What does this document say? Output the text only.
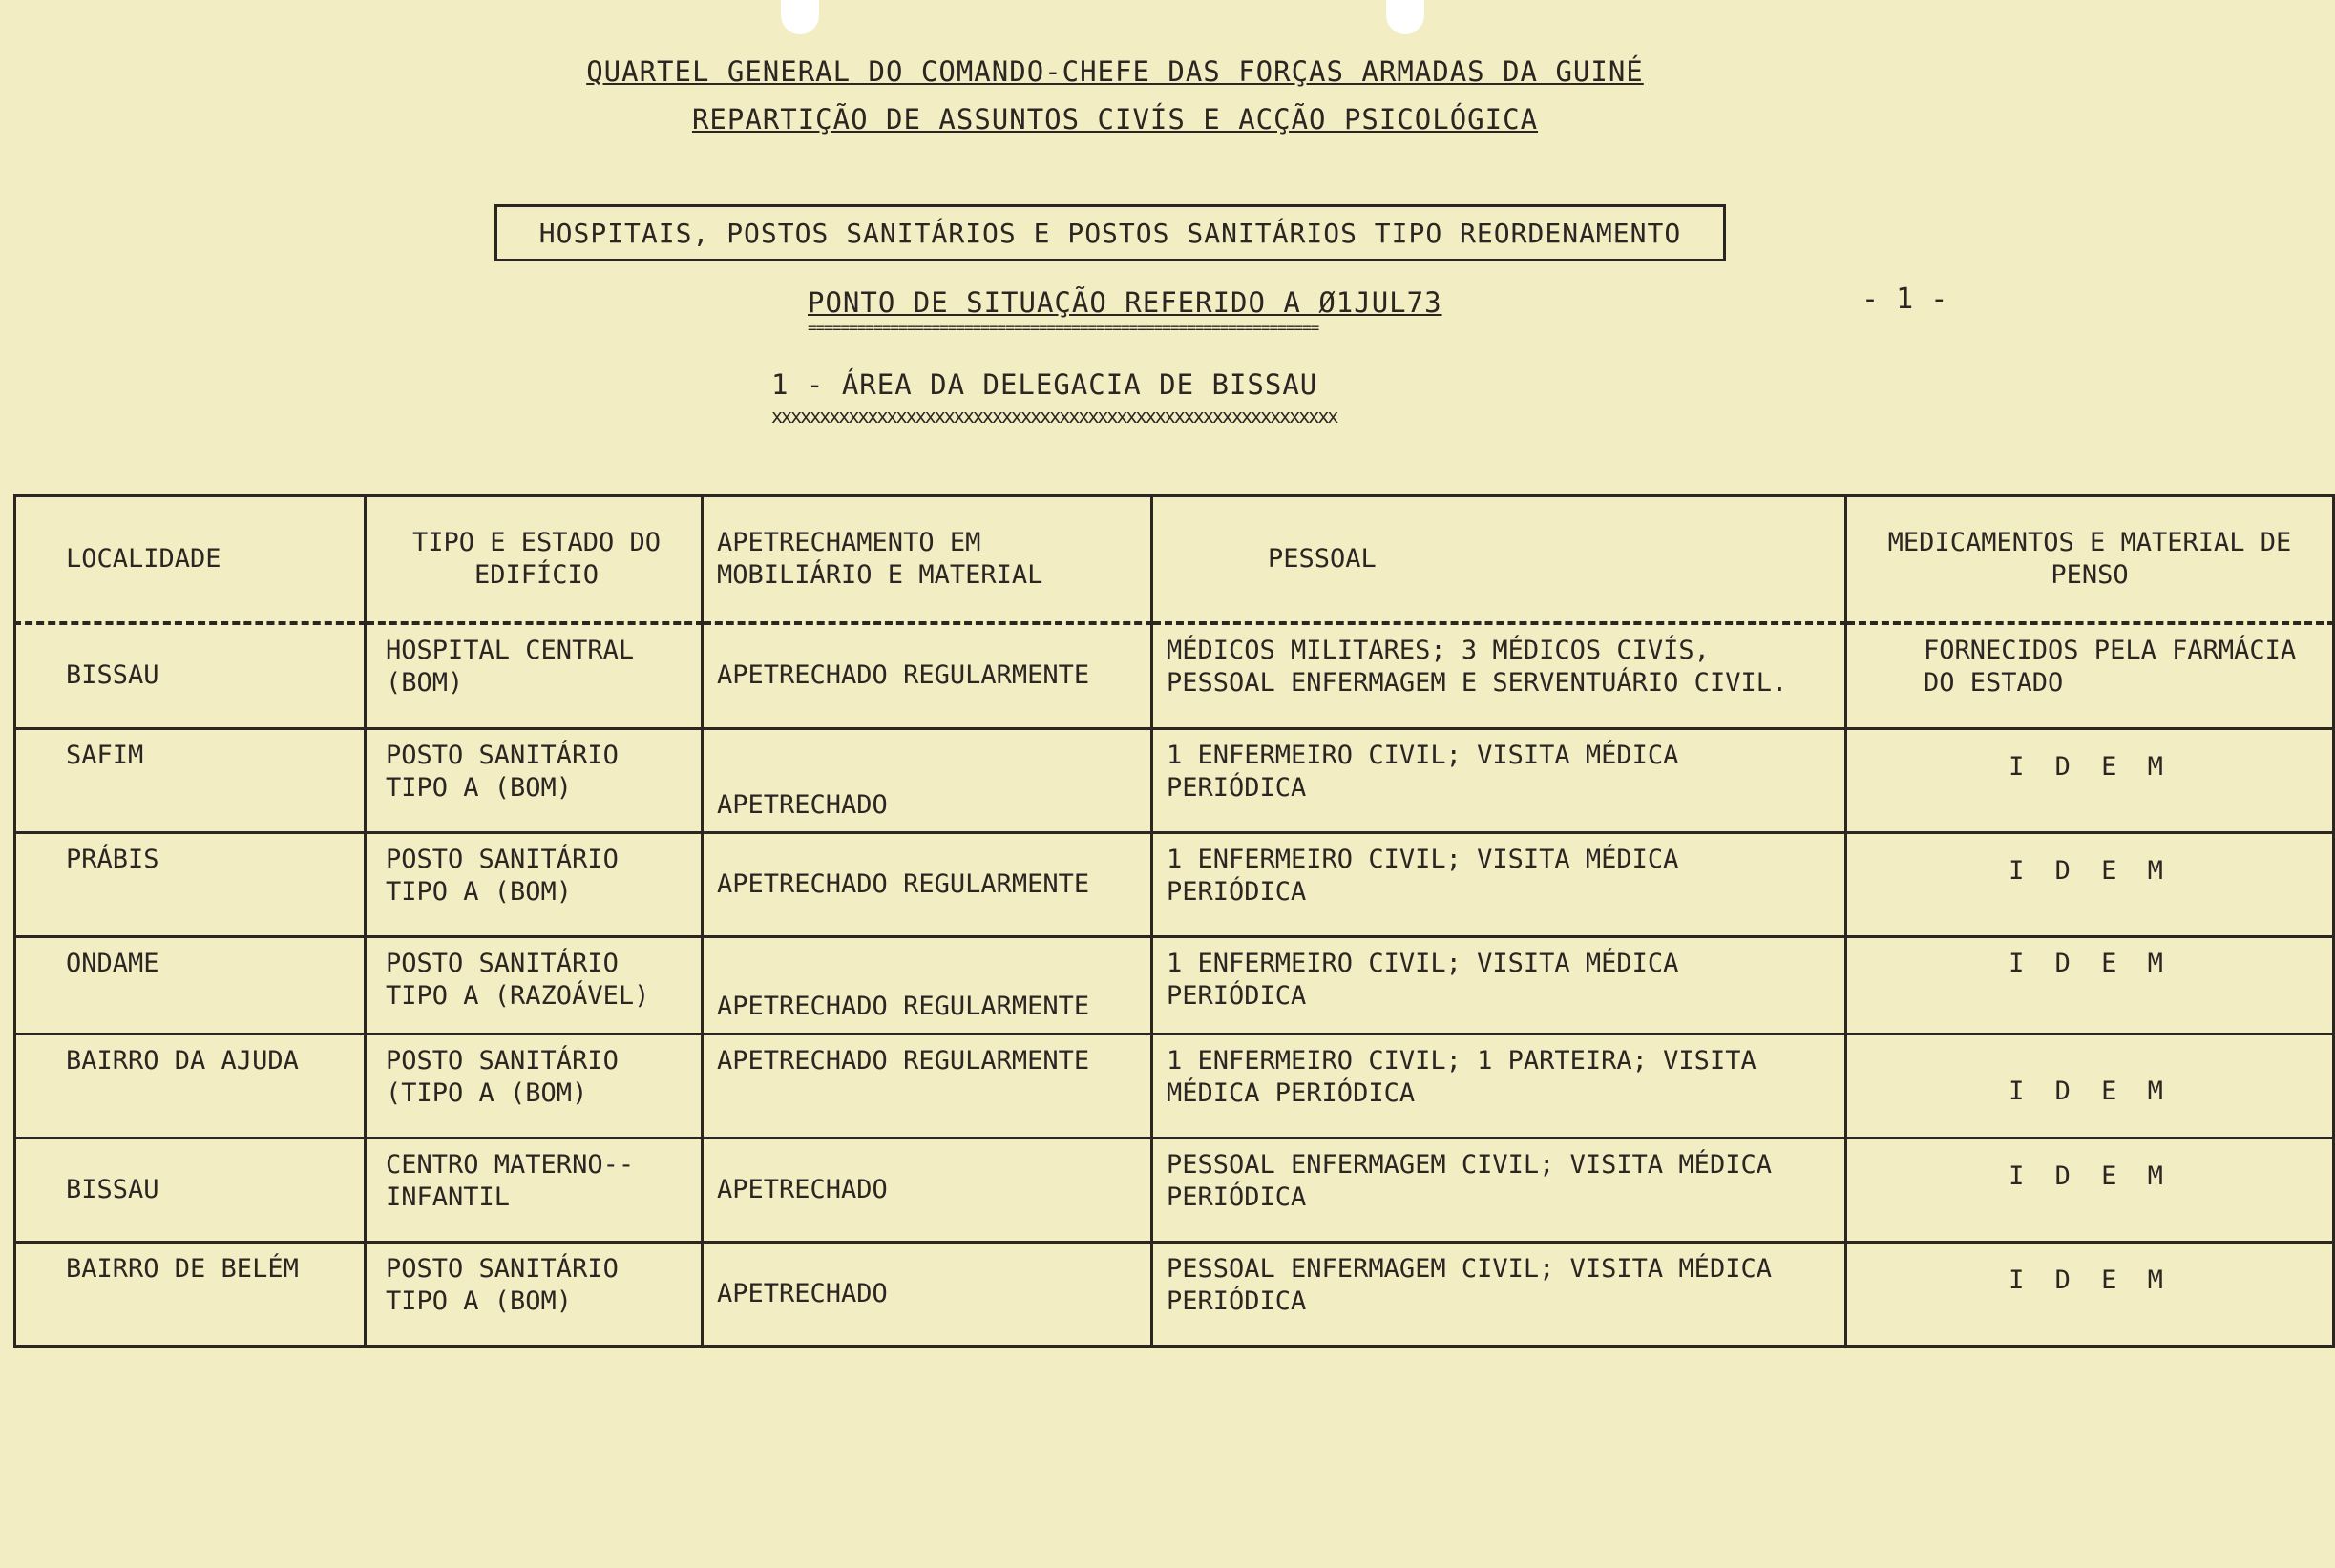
QUARTEL GENERAL DO COMANDO-CHEFE DAS FORÇAS ARMADAS DA GUINÉ
REPARTIÇÃO DE ASSUNTOS CIVÍS E ACÇÃO PSICOLÓGICA
HOSPITAIS, POSTOS SANITÁRIOS E POSTOS SANITÁRIOS TIPO REORDENAMENTO
PONTO DE SITUAÇÃO REFERIDO A Ø1JUL73
==============================================================
- 1 -
1 - ÁREA DA DELEGACIA DE BISSAU
xxxxxxxxxxxxxxxxxxxxxxxxxxxxxxxxxxxxxxxxxxxxxxxxxxxxxxxxxxx
LOCALIDADE	TIPO E ESTADO DO EDIFÍCIO	APETRECHAMENTO EM MOBILIÁRIO E MATERIAL	PESSOAL	MEDICAMENTOS E MATERIAL DE PENSO
BISSAU	HOSPITAL CENTRAL (BOM)	APETRECHADO REGULARMENTE	MÉDICOS MILITARES; 3 MÉDICOS CIVÍS, PESSOAL ENFERMAGEM E SERVENTUÁRIO CIVIL.	FORNECIDOS PELA FARMÁCIA DO ESTADO
SAFIM	POSTO SANITÁRIO TIPO A (BOM)	APETRECHADO	1 ENFERMEIRO CIVIL; VISITA MÉDICA PERIÓDICA	I D E M
PRÁBIS	POSTO SANITÁRIO TIPO A (BOM)	APETRECHADO REGULARMENTE	1 ENFERMEIRO CIVIL; VISITA MÉDICA PERIÓDICA	I D E M
ONDAME	POSTO SANITÁRIO TIPO A (RAZOÁVEL)	APETRECHADO REGULARMENTE	1 ENFERMEIRO CIVIL; VISITA MÉDICA PERIÓDICA	I D E M
BAIRRO DA AJUDA	POSTO SANITÁRIO (TIPO A (BOM)	APETRECHADO REGULARMENTE	1 ENFERMEIRO CIVIL; 1 PARTEIRA; VISITA MÉDICA PERIÓDICA	I D E M
BISSAU	CENTRO MATERNO--INFANTIL	APETRECHADO	PESSOAL ENFERMAGEM CIVIL; VISITA MÉDICA PERIÓDICA	I D E M
BAIRRO DE BELÉM	POSTO SANITÁRIO TIPO A (BOM)	APETRECHADO	PESSOAL ENFERMAGEM CIVIL; VISITA MÉDICA PERIÓDICA	I D E M
